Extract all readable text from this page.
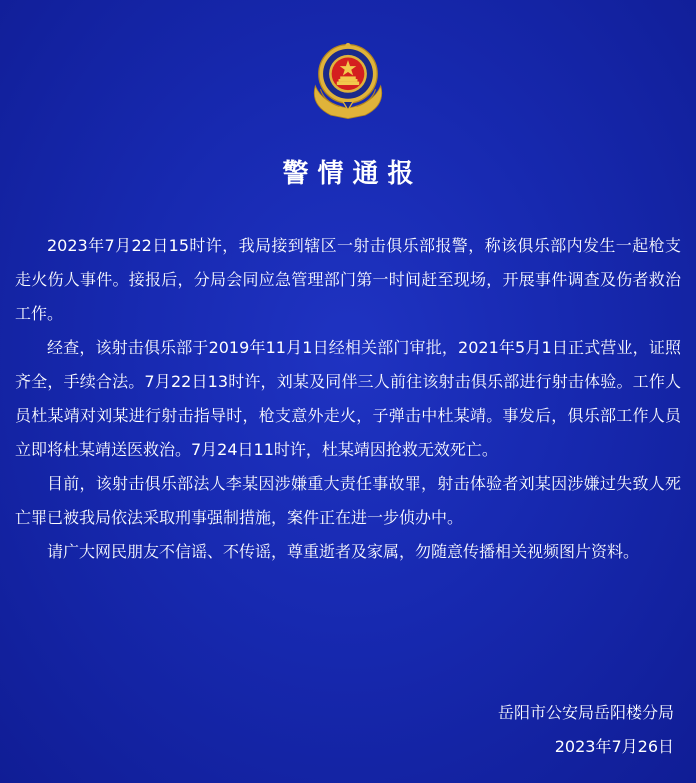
警情通报

2023年7月22日15时许，我局接到辖区一射击俱乐部报警，称该俱乐部内发生一起枪支走火伤人事件。接报后，分局会同应急管理部门第一时间赶至现场，开展事件调查及伤者救治工作。

经查，该射击俱乐部于2019年11月1日经相关部门审批，2021年5月1日正式营业，证照齐全，手续合法。7月22日13时许，刘某及同伴三人前往该射击俱乐部进行射击体验。工作人员杜某靖对刘某进行射击指导时，枪支意外走火，子弹击中杜某靖。事发后，俱乐部工作人员立即将杜某靖送医救治。7月24日11时许，杜某靖因抢救无效死亡。

目前，该射击俱乐部法人李某因涉嫌重大责任事故罪，射击体验者刘某因涉嫌过失致人死亡罪已被我局依法采取刑事强制措施，案件正在进一步侦办中。

请广大网民朋友不信谣、不传谣，尊重逝者及家属，勿随意传播相关视频图片资料。

岳阳市公安局岳阳楼分局
2023年7月26日
